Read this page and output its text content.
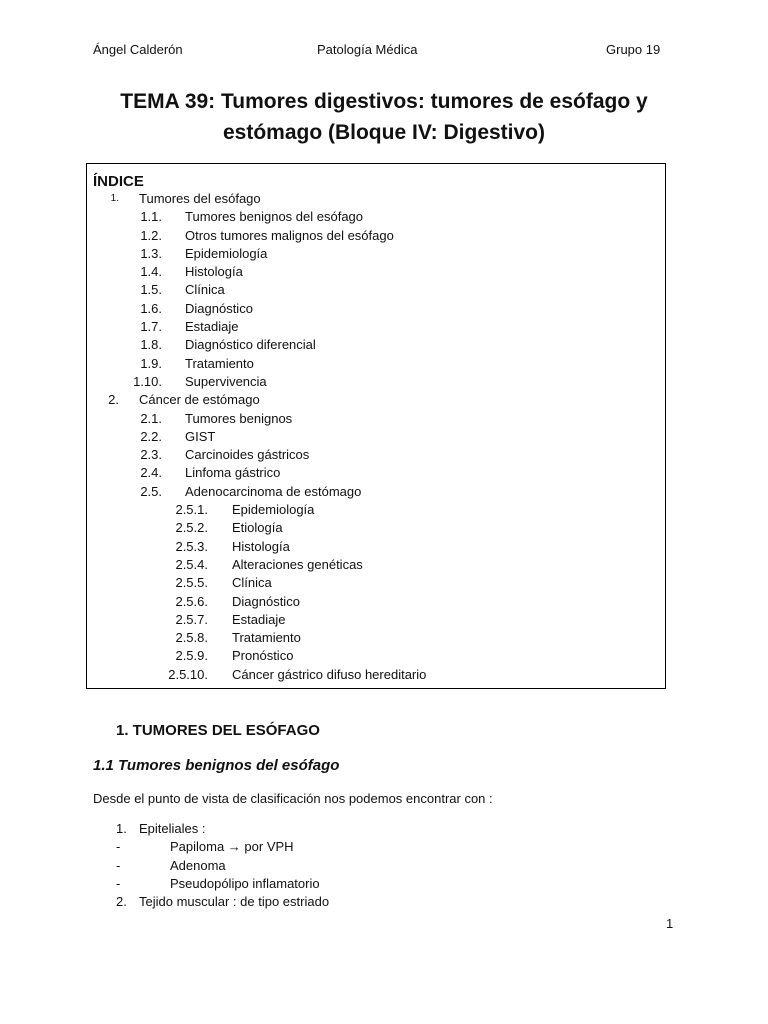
Ángel Calderón	Patología Médica	Grupo 19
TEMA 39: Tumores digestivos: tumores de esófago y
estómago (Bloque IV: Digestivo)
ÍNDICE
1. Tumores del esófago
1.1. Tumores benignos del esófago
1.2. Otros tumores malignos del esófago
1.3. Epidemiología
1.4. Histología
1.5. Clínica
1.6. Diagnóstico
1.7. Estadiaje
1.8. Diagnóstico diferencial
1.9. Tratamiento
1.10. Supervivencia
2. Cáncer de estómago
2.1. Tumores benignos
2.2. GIST
2.3. Carcinoides gástricos
2.4. Linfoma gástrico
2.5. Adenocarcinoma de estómago
2.5.1. Epidemiología
2.5.2. Etiología
2.5.3. Histología
2.5.4. Alteraciones genéticas
2.5.5. Clínica
2.5.6. Diagnóstico
2.5.7. Estadiaje
2.5.8. Tratamiento
2.5.9. Pronóstico
2.5.10. Cáncer gástrico difuso hereditario
1. TUMORES DEL ESÓFAGO
1.1 Tumores benignos del esófago
Desde el punto de vista de clasificación nos podemos encontrar con :
1. Epiteliales :
-	Papiloma → por VPH
-	Adenoma
-	Pseudopólipo inflamatorio
2. Tejido muscular : de tipo estriado
1
